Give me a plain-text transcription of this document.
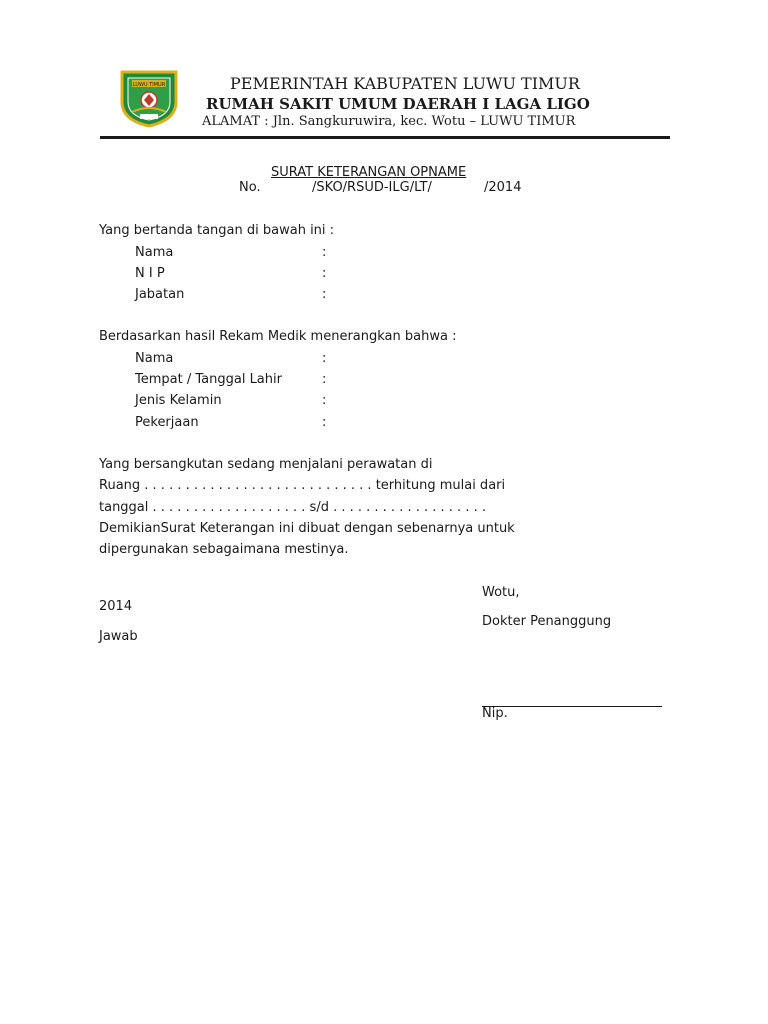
LUWU TIMUR	PEMERINTAH KABUPATEN LUWU TIMUR
RUMAH SAKIT UMUM DAERAH I LAGA LIGO
ALAMAT : Jln. Sangkuruwira, kec. Wotu – LUWU TIMUR
SURAT KETERANGAN OPNAME
No.	/SKO/RSUD-ILG/LT/	/2014
Yang bertanda tangan di bawah ini :
Nama	:
N I P	:
Jabatan	:
Berdasarkan hasil Rekam Medik menerangkan bahwa :
Nama	:
Tempat / Tanggal Lahir	:
Jenis Kelamin	:
Pekerjaan	:
Yang bersangkutan sedang menjalani perawatan di
Ruang . . . . . . . . . . . . . . . . . . . . . . . . . . . . terhitung mulai dari
tanggal . . . . . . . . . . . . . . . . . . . s/d . . . . . . . . . . . . . . . . . . .
DemikianSurat Keterangan ini dibuat dengan sebenarnya untuk
dipergunakan sebagaimana mestinya.
Wotu,
2014
Dokter Penanggung
Jawab
Nip.
